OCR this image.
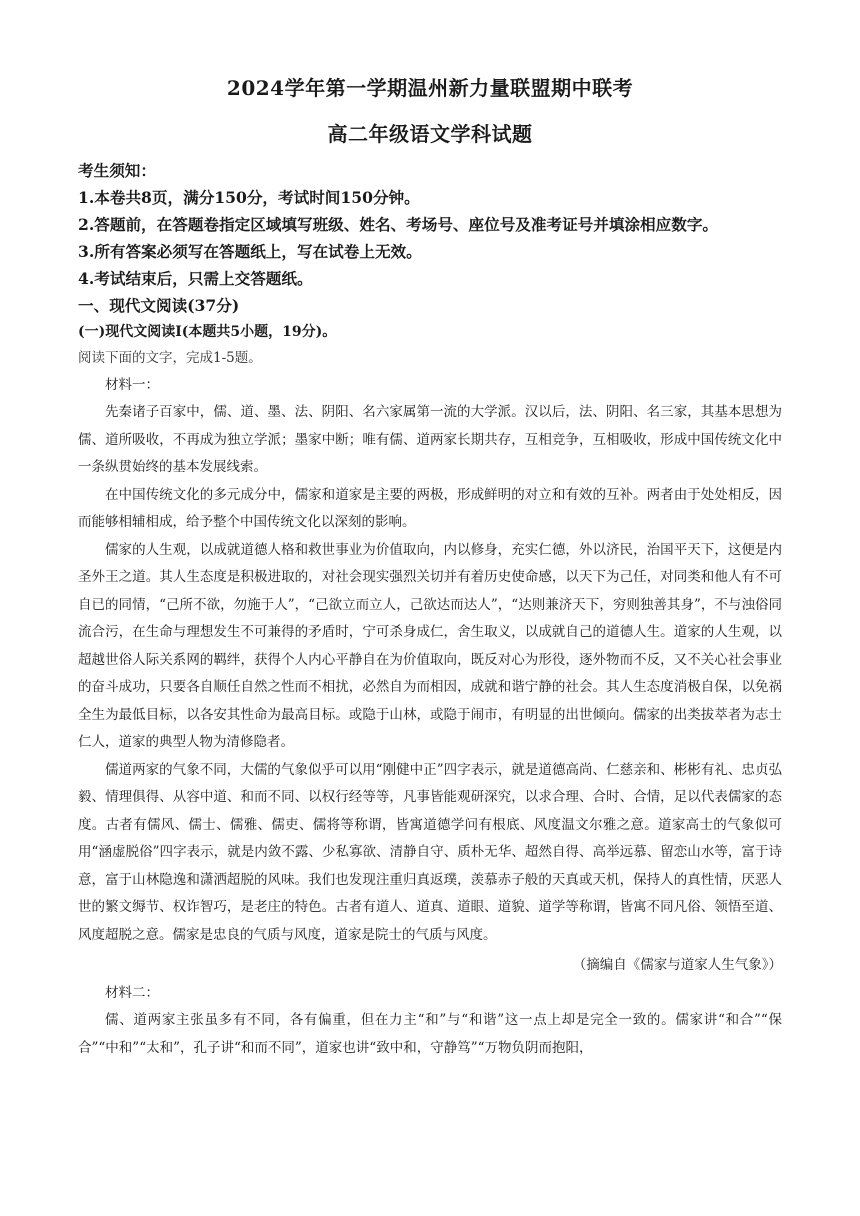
2024学年第一学期温州新力量联盟期中联考
高二年级语文学科试题

考生须知：

1.本卷共8页，满分150分，考试时间150分钟。

2.答题前，在答题卷指定区域填写班级、姓名、考场号、座位号及准考证号并填涂相应数字。

3.所有答案必须写在答题纸上，写在试卷上无效。

4.考试结束后，只需上交答题纸。

一、现代文阅读(37分)

(一)现代文阅读Ⅰ(本题共5小题，19分)。

阅读下面的文字，完成1-5题。

材料一：

先秦诸子百家中，儒、道、墨、法、阴阳、名六家属第一流的大学派。汉以后，法、阴阳、名三家，其基本思想为儒、道所吸收，不再成为独立学派；墨家中断；唯有儒、道两家长期共存，互相竞争，互相吸收，形成中国传统文化中一条纵贯始终的基本发展线索。

在中国传统文化的多元成分中，儒家和道家是主要的两极，形成鲜明的对立和有效的互补。两者由于处处相反，因而能够相辅相成，给予整个中国传统文化以深刻的影响。

儒家的人生观，以成就道德人格和救世事业为价值取向，内以修身，充实仁德，外以济民，治国平天下，这便是内圣外王之道。其人生态度是积极进取的，对社会现实强烈关切并有着历史使命感，以天下为己任，对同类和他人有不可自已的同情，“己所不欲，勿施于人”，“己欲立而立人，己欲达而达人”，“达则兼济天下，穷则独善其身”，不与浊俗同流合污，在生命与理想发生不可兼得的矛盾时，宁可杀身成仁，舍生取义，以成就自己的道德人生。道家的人生观，以超越世俗人际关系网的羁绊，获得个人内心平静自在为价值取向，既反对心为形役，逐外物而不反，又不关心社会事业的奋斗成功，只要各自顺任自然之性而不相扰，必然自为而相因，成就和谐宁静的社会。其人生态度消极自保，以免祸全生为最低目标，以各安其性命为最高目标。或隐于山林，或隐于闹市，有明显的出世倾向。儒家的出类拔萃者为志士仁人，道家的典型人物为清修隐者。

儒道两家的气象不同，大儒的气象似乎可以用“刚健中正”四字表示，就是道德高尚、仁慈亲和、彬彬有礼、忠贞弘毅、情理俱得、从容中道、和而不同、以权行经等等，凡事皆能观研深究，以求合理、合时、合情，足以代表儒家的态度。古者有儒风、儒士、儒雅、儒吏、儒将等称谓，皆寓道德学问有根底、风度温文尔雅之意。道家高士的气象似可用“涵虚脱俗”四字表示，就是内敛不露、少私寡欲、清静自守、质朴无华、超然自得、高举远慕、留恋山水等，富于诗意，富于山林隐逸和潇洒超脱的风味。我们也发现注重归真返璞，羡慕赤子般的天真或天机，保持人的真性情，厌恶人世的繁文缛节、权诈智巧，是老庄的特色。古者有道人、道真、道眼、道貌、道学等称谓，皆寓不同凡俗、领悟至道、风度超脱之意。儒家是忠良的气质与风度，道家是院士的气质与风度。

（摘编自《儒家与道家人生气象》）

材料二：

儒、道两家主张虽多有不同，各有偏重，但在力主“和”与“和谐”这一点上却是完全一致的。儒家讲“和合”“保合”“中和”“太和”，孔子讲“和而不同”，道家也讲“致中和，守静笃”“万物负阴而抱阳，
